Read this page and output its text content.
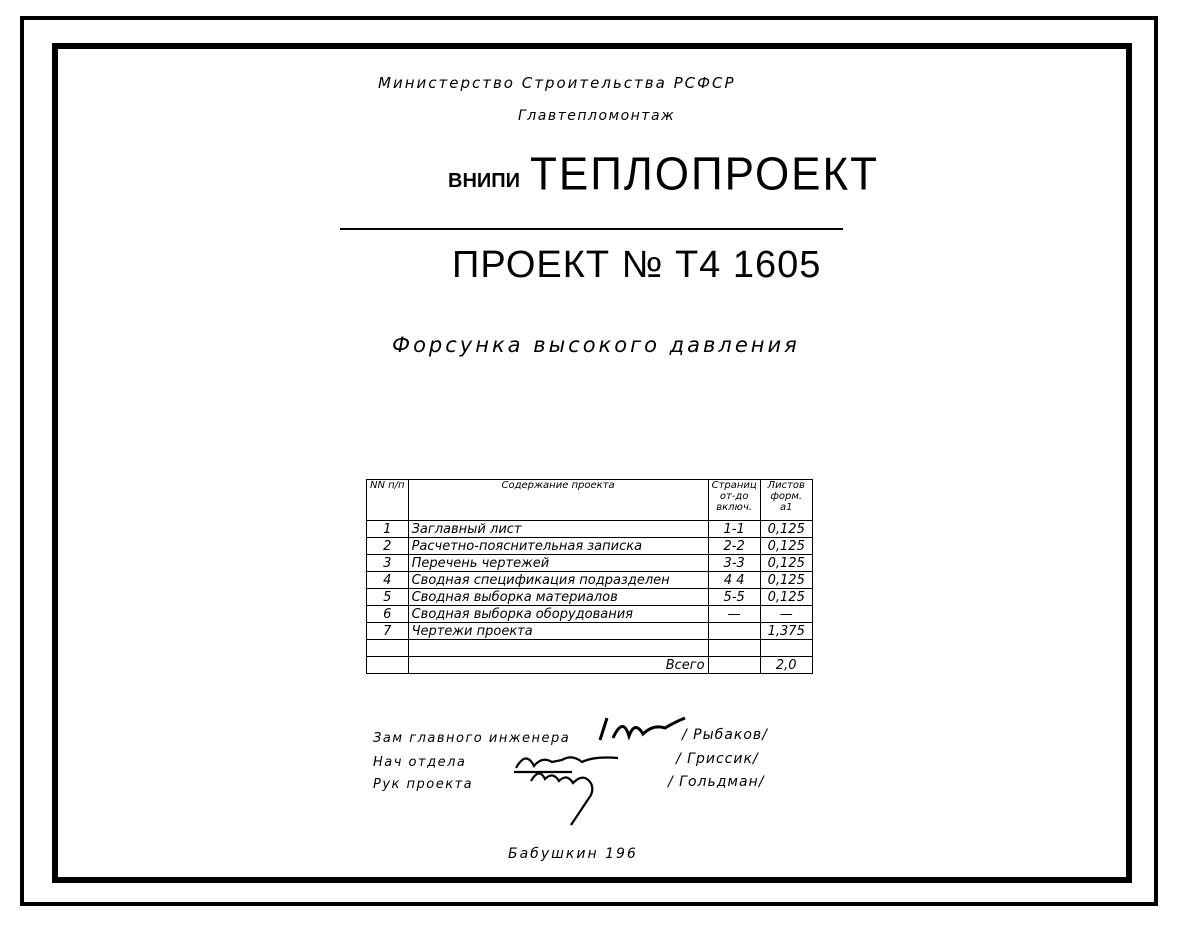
Министерство Строительства РСФСР
Главтепломонтаж
ВНИПИ ТЕПЛОПРОЕКТ
ПРОЕКТ № Т4 1605
Форсунка высокого давления
NN п/п	Содержание проекта	Страниц от-до включ.	Листов форм. а1
1	Заглавный лист	1-1	0,125
2	Расчетно-пояснительная записка	2-2	0,125
3	Перечень чертежей	3-3	0,125
4	Сводная спецификация подразделен	4 4	0,125
5	Сводная выборка материалов	5-5	0,125
6	Сводная выборка оборудования	—	—
7	Чертежи проекта		1,375

	Всего		2,0
Зам главного инженера
Нач отдела
Рук проекта
/ Рыбаков/
/ Гриссик/
/ Гольдман/
Бабушкин 196
